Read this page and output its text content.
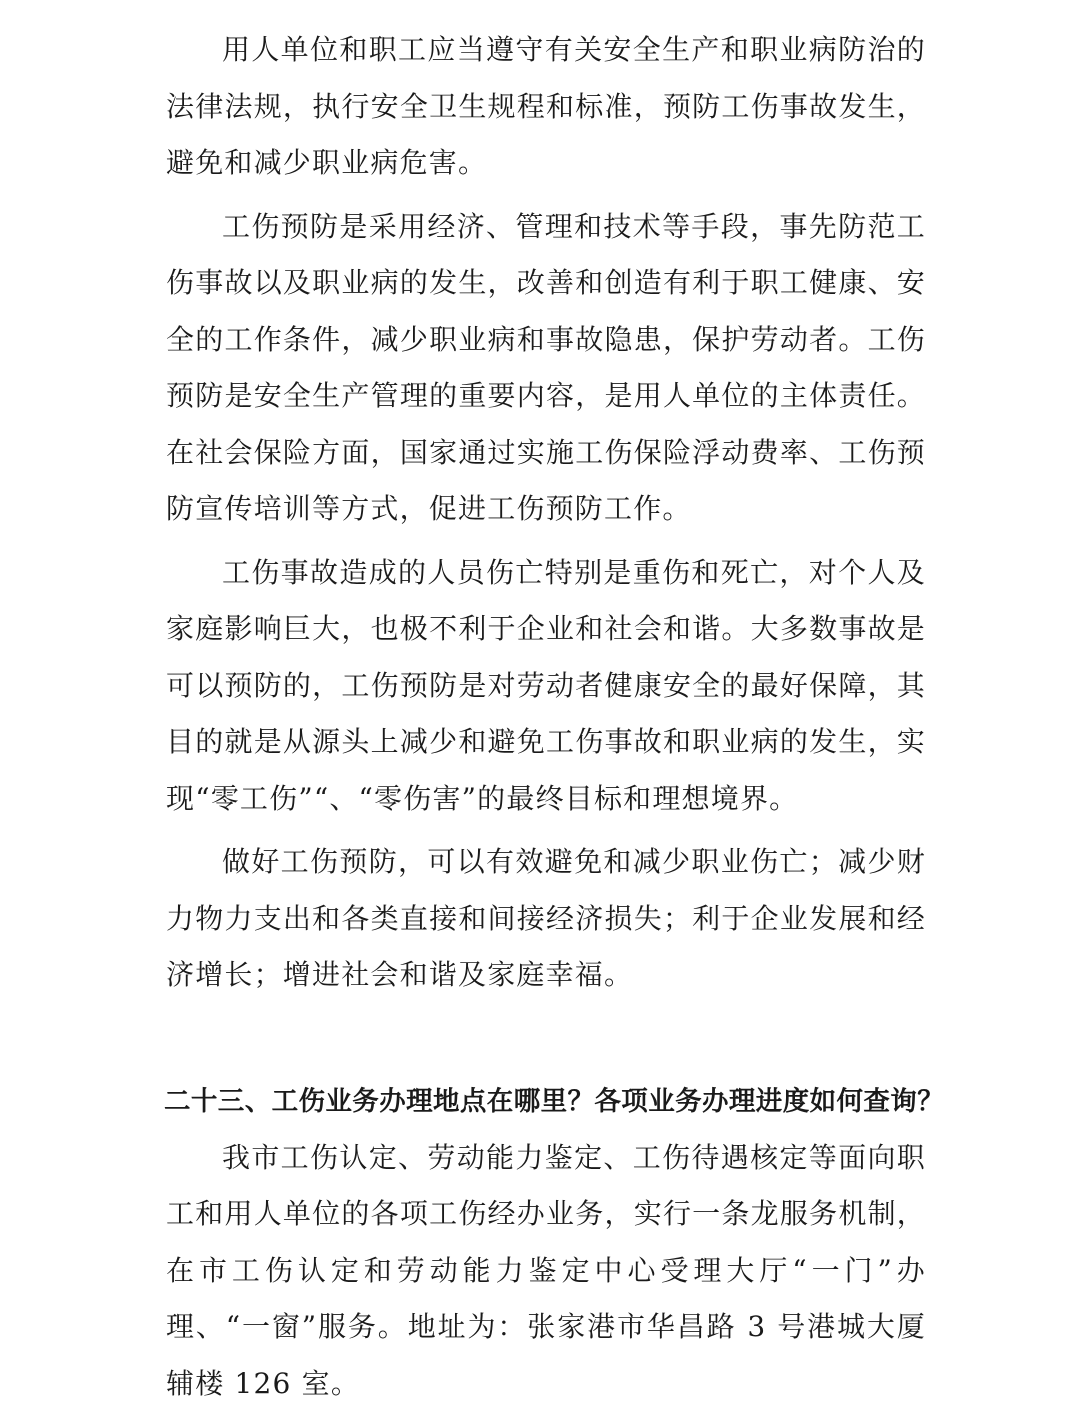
用人单位和职工应当遵守有关安全生产和职业病防治的法律法规，执行安全卫生规程和标准，预防工伤事故发生，避免和减少职业病危害。

工伤预防是采用经济、管理和技术等手段，事先防范工伤事故以及职业病的发生，改善和创造有利于职工健康、安全的工作条件，减少职业病和事故隐患，保护劳动者。工伤预防是安全生产管理的重要内容，是用人单位的主体责任。在社会保险方面，国家通过实施工伤保险浮动费率、工伤预防宣传培训等方式，促进工伤预防工作。

工伤事故造成的人员伤亡特别是重伤和死亡，对个人及家庭影响巨大，也极不利于企业和社会和谐。大多数事故是可以预防的，工伤预防是对劳动者健康安全的最好保障，其目的就是从源头上减少和避免工伤事故和职业病的发生，实现“零工伤”“、“零伤害”的最终目标和理想境界。

做好工伤预防，可以有效避免和减少职业伤亡；减少财力物力支出和各类直接和间接经济损失；利于企业发展和经济增长；增进社会和谐及家庭幸福。

二十三、工伤业务办理地点在哪里？各项业务办理进度如何查询？

我市工伤认定、劳动能力鉴定、工伤待遇核定等面向职工和用人单位的各项工伤经办业务，实行一条龙服务机制，在市工伤认定和劳动能力鉴定中心受理大厅“一门”办理、“一窗”服务。地址为：张家港市华昌路 3 号港城大厦辅楼 126 室。
